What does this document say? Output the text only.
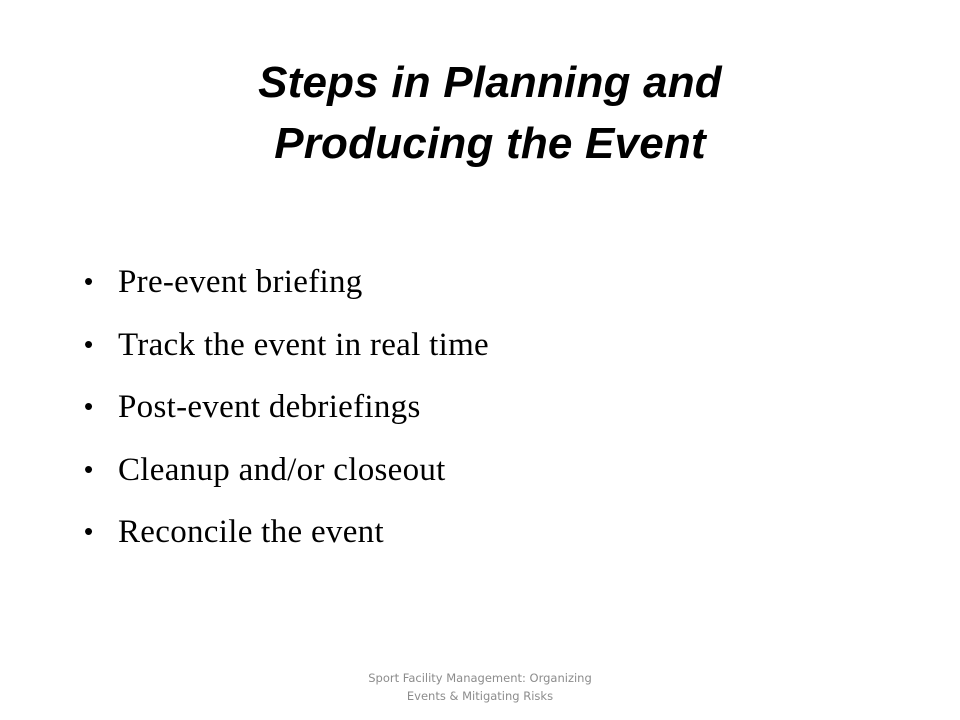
Steps in Planning and
Producing the Event
• Pre-event briefing
• Track the event in real time
• Post-event debriefings
• Cleanup and/or closeout
• Reconcile the event
Sport Facility Management: Organizing
Events & Mitigating Risks
